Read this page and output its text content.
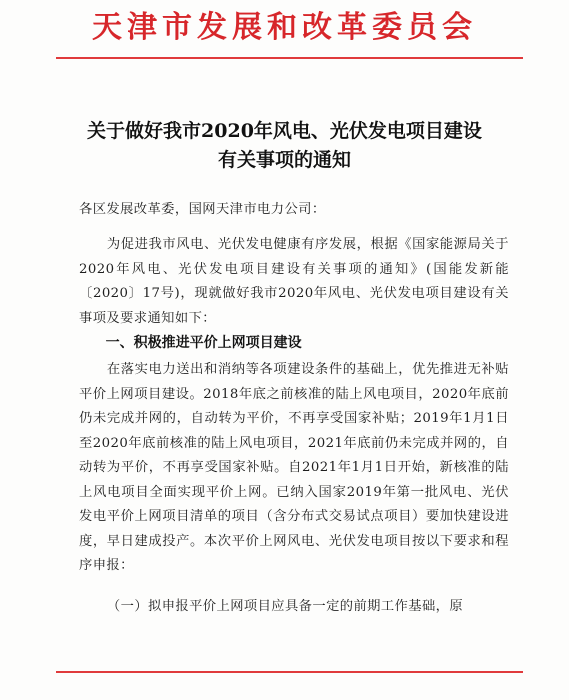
天津市发展和改革委员会
关于做好我市2020年风电、光伏发电项目建设
有关事项的通知
各区发展改革委，国网天津市电力公司：
为促进我市风电、光伏发电健康有序发展，根据《国家能源局关于2020年风电、光伏发电项目建设有关事项的通知》(国能发新能〔2020〕17号)，现就做好我市2020年风电、光伏发电项目建设有关事项及要求通知如下：
一、积极推进平价上网项目建设
在落实电力送出和消纳等各项建设条件的基础上，优先推进无补贴平价上网项目建设。2018年底之前核准的陆上风电项目，2020年底前仍未完成并网的，自动转为平价，不再享受国家补贴；2019年1月1日至2020年底前核准的陆上风电项目，2021年底前仍未完成并网的，自动转为平价，不再享受国家补贴。自2021年1月1日开始，新核准的陆上风电项目全面实现平价上网。已纳入国家2019年第一批风电、光伏发电平价上网项目清单的项目（含分布式交易试点项目）要加快建设进度，早日建成投产。本次平价上网风电、光伏发电项目按以下要求和程序申报：
（一）拟申报平价上网项目应具备一定的前期工作基础，原
